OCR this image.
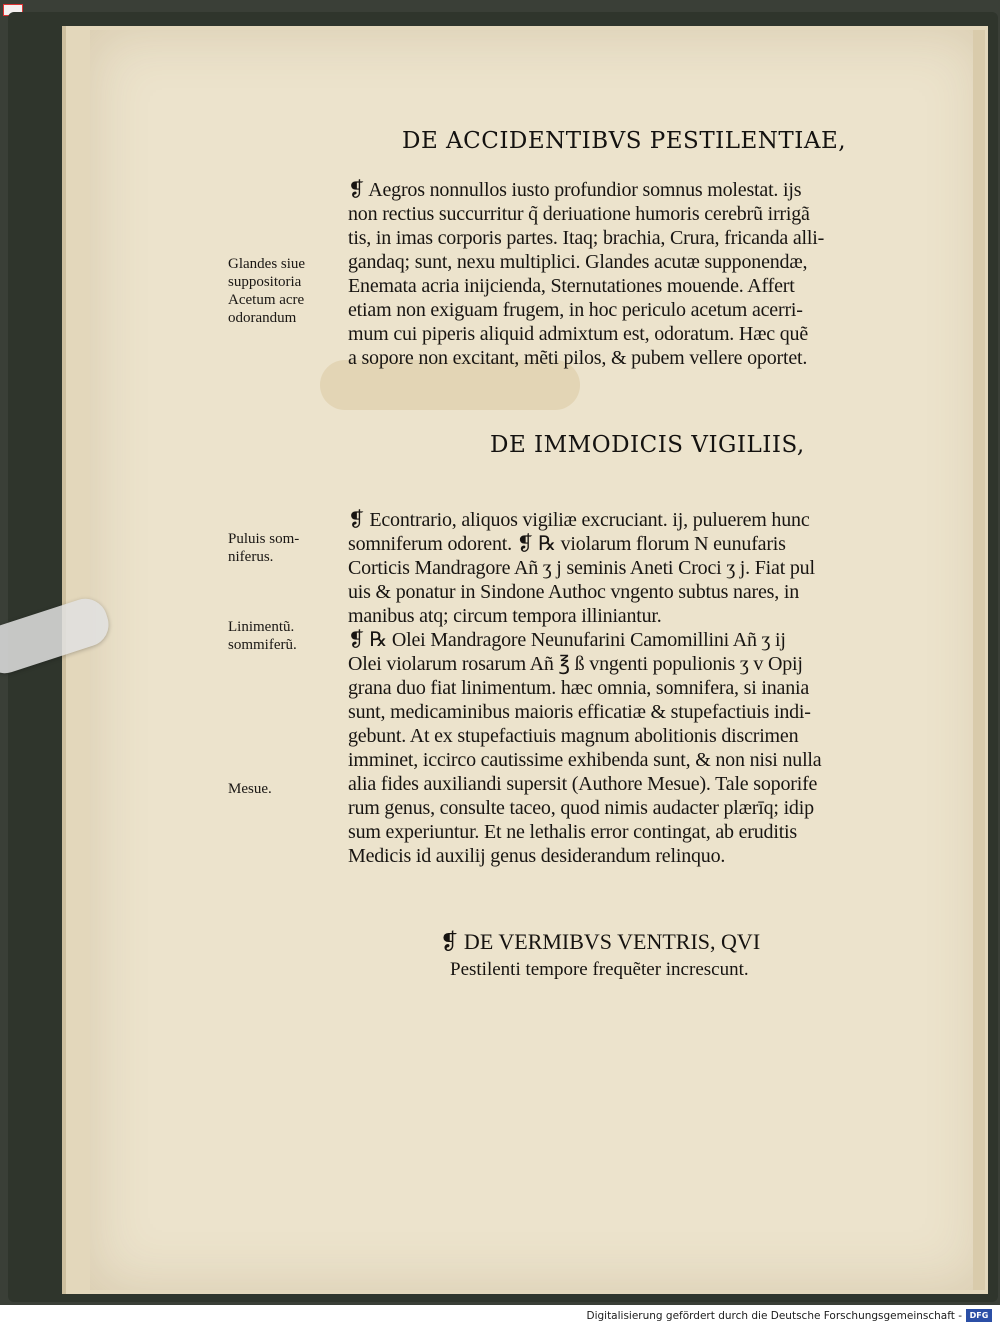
DE ACCIDENTIBVS PESTILENTIAE,
❡ Aegros nonnullos iusto profundior somnus molestat. ijs
non rectius succurritur q̃ deriuatione humoris cerebrũ irrigã
tis, in imas corporis partes. Itaq; brachia, Crura, fricanda alli-
gandaq; sunt, nexu multiplici. Glandes acutæ supponendæ,
Enemata acria inijcienda, Sternutationes mouende. Affert
etiam non exiguam frugem, in hoc periculo acetum acerri-
mum cui piperis aliquid admixtum est, odoratum. Hæc quẽ
a sopore non excitant, mẽti pilos, & pubem vellere oportet.
Glandes siue
suppositoria
Acetum acre
odorandum
DE IMMODICIS VIGILIIS,
❡ Econtrario, aliquos vigiliæ excruciant. ij, puluerem hunc
somniferum odorent. ❡ ℞ violarum florum N eunufaris
Corticis Mandragore Añ ʒ j seminis Aneti Croci ʒ j. Fiat pul
uis & ponatur in Sindone Authoc vngento subtus nares, in
manibus atq; circum tempora illiniantur.
❡ ℞ Olei Mandragore Neunufarini Camomillini Añ ʒ ij
Olei violarum rosarum Añ ℥ ß vngenti populionis ʒ v Opij
grana duo fiat linimentum. hæc omnia, somnifera, si inania
sunt, medicaminibus maioris efficatiæ & stupefactiuis indi-
gebunt. At ex stupefactiuis magnum abolitionis discrimen
imminet, iccirco cautissime exhibenda sunt, & non nisi nulla
alia fides auxiliandi supersit (Authore Mesue). Tale soporife
rum genus, consulte taceo, quod nimis audacter plærīq; idip
sum experiuntur. Et ne lethalis error contingat, ab eruditis
Medicis id auxilij genus desiderandum relinquo.
Puluis som-
niferus.
Linimentũ.
sommiferũ.
Mesue.
❡ DE VERMIBVS VENTRIS, QVI
Pestilenti tempore frequẽter increscunt.
Digitalisierung gefördert durch die Deutsche Forschungsgemeinschaft - DFG
